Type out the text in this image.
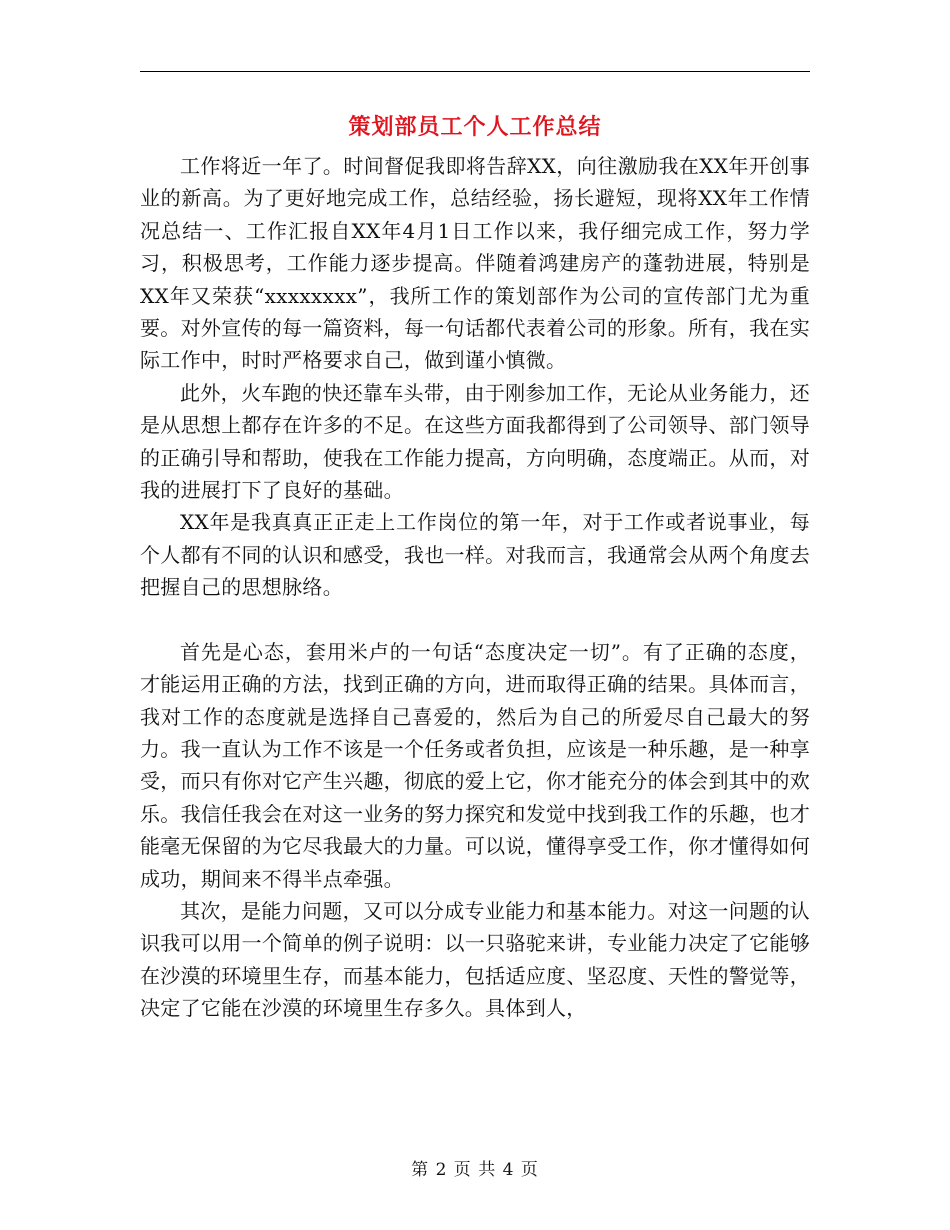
策划部员工个人工作总结

工作将近一年了。时间督促我即将告辞XX，向往激励我在XX年开创事业的新高。为了更好地完成工作，总结经验，扬长避短，现将XX年工作情况总结一、工作汇报自XX年4月1日工作以来，我仔细完成工作，努力学习，积极思考，工作能力逐步提高。伴随着鸿建房产的蓬勃进展，特别是XX年又荣获“xxxxxxxx”，我所工作的策划部作为公司的宣传部门尤为重要。对外宣传的每一篇资料，每一句话都代表着公司的形象。所有，我在实际工作中，时时严格要求自己，做到谨小慎微。

此外，火车跑的快还靠车头带，由于刚参加工作，无论从业务能力，还是从思想上都存在许多的不足。在这些方面我都得到了公司领导、部门领导的正确引导和帮助，使我在工作能力提高，方向明确，态度端正。从而，对我的进展打下了良好的基础。

XX年是我真真正正走上工作岗位的第一年，对于工作或者说事业，每个人都有不同的认识和感受，我也一样。对我而言，我通常会从两个角度去把握自己的思想脉络。

首先是心态，套用米卢的一句话“态度决定一切”。有了正确的态度，才能运用正确的方法，找到正确的方向，进而取得正确的结果。具体而言，我对工作的态度就是选择自己喜爱的，然后为自己的所爱尽自己最大的努力。我一直认为工作不该是一个任务或者负担，应该是一种乐趣，是一种享受，而只有你对它产生兴趣，彻底的爱上它，你才能充分的体会到其中的欢乐。我信任我会在对这一业务的努力探究和发觉中找到我工作的乐趣，也才能毫无保留的为它尽我最大的力量。可以说，懂得享受工作，你才懂得如何成功，期间来不得半点牵强。

其次，是能力问题，又可以分成专业能力和基本能力。对这一问题的认识我可以用一个简单的例子说明：以一只骆驼来讲，专业能力决定了它能够在沙漠的环境里生存，而基本能力，包括适应度、坚忍度、天性的警觉等，决定了它能在沙漠的环境里生存多久。具体到人，

第 2 页 共 4 页
